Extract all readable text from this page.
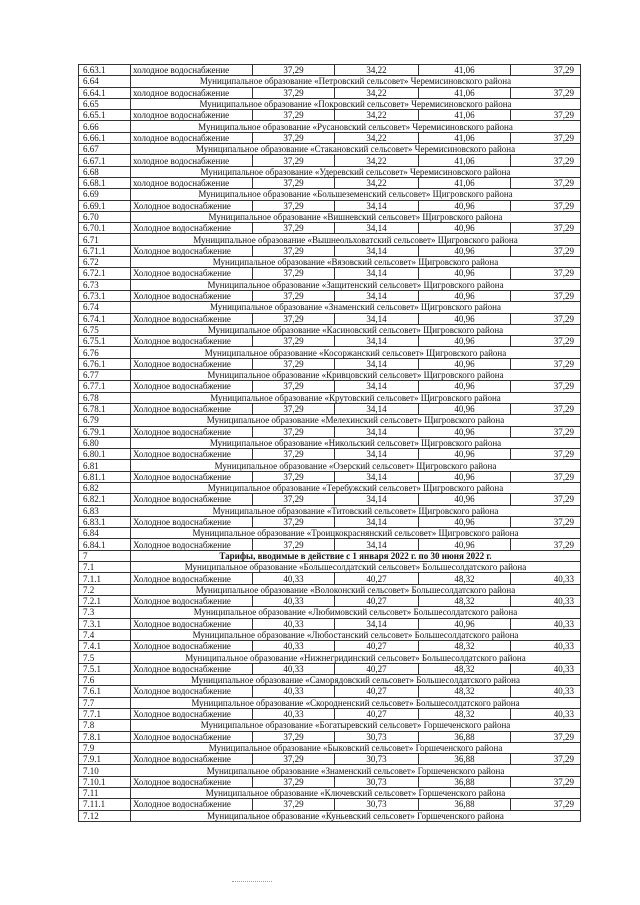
6.63.1	холодное водоснабжение	37,29	34,22	41,06	37,29
6.64	Муниципальное образование «Петровский сельсовет» Черемисиновского района				
6.64.1	холодное водоснабжение	37,29	34,22	41,06	37,29
6.65	Муниципальное образование «Покровский сельсовет» Черемисиновского района				
6.65.1	холодное водоснабжение	37,29	34,22	41,06	37,29
6.66	Муниципальное образование «Русановский сельсовет» Черемисиновского района				
6.66.1	холодное водоснабжение	37,29	34,22	41,06	37,29
6.67	Муниципальное образование «Стакановский сельсовет» Черемисиновского района				
6.67.1	холодное водоснабжение	37,29	34,22	41,06	37,29
6.68	Муниципальное образование «Удеревский сельсовет» Черемисиновского района				
6.68.1	холодное водоснабжение	37,29	34,22	41,06	37,29
6.69	Муниципальное образование «Большеземенский сельсовет» Щигровского района				
6.69.1	Холодное водоснабжение	37,29	34,14	40,96	37,29
6.70	Муниципальное образование «Вишневский сельсовет» Щигровского района				
6.70.1	Холодное водоснабжение	37,29	34,14	40,96	37,29
6.71	Муниципальное образование «Вышнеольховатский сельсовет» Щигровского района				
6.71.1	Холодное водоснабжение	37,29	34,14	40,96	37,29
6.72	Муниципальное образование «Вязовский сельсовет» Щигровского района				
6.72.1	Холодное водоснабжение	37,29	34,14	40,96	37,29
6.73	Муниципальное образование «Защитенский сельсовет» Щигровского района				
6.73.1	Холодное водоснабжение	37,29	34,14	40,96	37,29
6.74	Муниципальное образование «Знаменский сельсовет» Щигровского района				
6.74.1	Холодное водоснабжение	37,29	34,14	40,96	37,29
6.75	Муниципальное образование «Касиновский сельсовет» Щигровского района				
6.75.1	Холодное водоснабжение	37,29	34,14	40,96	37,29
6.76	Муниципальное образование «Косоржанский сельсовет» Щигровского района				
6.76.1	Холодное водоснабжение	37,29	34,14	40,96	37,29
6.77	Муниципальное образование «Кривцовский сельсовет» Щигровского района				
6.77.1	Холодное водоснабжение	37,29	34,14	40,96	37,29
6.78	Муниципальное образование «Крутовский сельсовет» Щигровского района				
6.78.1	Холодное водоснабжение	37,29	34,14	40,96	37,29
6.79	Муниципальное образование «Мелехинский сельсовет» Щигровского района				
6.79.1	Холодное водоснабжение	37,29	34,14	40,96	37,29
6.80	Муниципальное образование «Никольский сельсовет» Щигровского района				
6.80.1	Холодное водоснабжение	37,29	34,14	40,96	37,29
6.81	Муниципальное образование «Озерский сельсовет» Щигровского района				
6.81.1	Холодное водоснабжение	37,29	34,14	40,96	37,29
6.82	Муниципальное образование «Теребужский сельсовет» Щигровского района				
6.82.1	Холодное водоснабжение	37,29	34,14	40,96	37,29
6.83	Муниципальное образование «Титовский сельсовет» Щигровского района				
6.83.1	Холодное водоснабжение	37,29	34,14	40,96	37,29
6.84	Муниципальное образование «Троицкокраснянский сельсовет» Щигровского района				
6.84.1	Холодное водоснабжение	37,29	34,14	40,96	37,29
7	Тарифы, вводимые в действие с 1 января 2022 г. по 30 июня 2022 г.				
7.1	Муниципальное образование «Большесолдатский сельсовет» Большесолдатского района				
7.1.1	Холодное водоснабжение	40,33	40,27	48,32	40,33
7.2	Муниципальное образование «Волоконский сельсовет» Большесолдатского района				
7.2.1	Холодное водоснабжение	40,33	40,27	48,32	40,33
7.3	Муниципальное образование «Любимовский сельсовет» Большесолдатского района				
7.3.1	Холодное водоснабжение	40,33	34,14	40,96	40,33
7.4	Муниципальное образование «Любостанский сельсовет» Большесолдатского района				
7.4.1	Холодное водоснабжение	40,33	40,27	48,32	40,33
7.5	Муниципальное образование «Нижнегридинский сельсовет» Большесолдатского района				
7.5.1	Холодное водоснабжение	40,33	40,27	48,32	40,33
7.6	Муниципальное образование «Саморядовский сельсовет» Большесолдатского района				
7.6.1	Холодное водоснабжение	40,33	40,27	48,32	40,33
7.7	Муниципальное образование «Скородненский сельсовет» Большесолдатского района				
7.7.1	Холодное водоснабжение	40,33	40,27	48,32	40,33
7.8	Муниципальное образование «Богатыревский сельсовет» Горшеченского района				
7.8.1	Холодное водоснабжение	37,29	30,73	36,88	37,29
7.9	Муниципальное образование «Быковский сельсовет» Горшеченского района				
7.9.1	Холодное водоснабжение	37,29	30,73	36,88	37,29
7.10	Муниципальное образование «Знаменский сельсовет» Горшеченского района				
7.10.1	Холодное водоснабжение	37,29	30,73	36,88	37,29
7.11	Муниципальное образование «Ключевский сельсовет» Горшеченского района				
7.11.1	Холодное водоснабжение	37,29	30,73	36,88	37,29
7.12	Муниципальное образование «Куньевский сельсовет» Горшеченского района				
